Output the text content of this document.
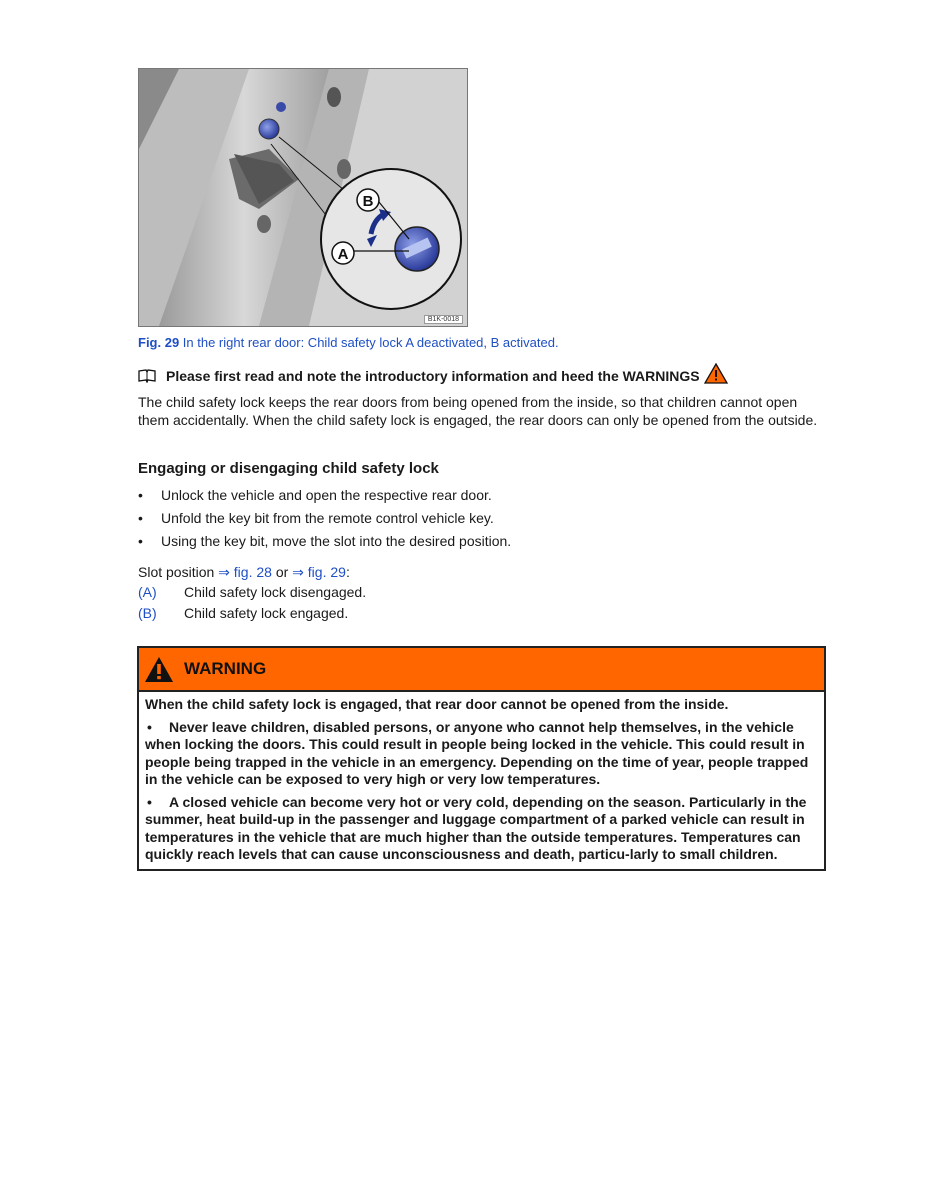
B
A
B1K-0018
Fig. 29 In the right rear door: Child safety lock A deactivated, B activated.
Please first read and note the introductory information and heed the WARNINGS
The child safety lock keeps the rear doors from being opened from the inside, so that children cannot open them accidentally. When the child safety lock is engaged, the rear doors can only be opened from the outside.
Engaging or disengaging child safety lock
•	Unlock the vehicle and open the respective rear door.
•	Unfold the key bit from the remote control vehicle key.
•	Using the key bit, move the slot into the desired position.
Slot position ⇒ fig. 28 or ⇒ fig. 29:
(A)	Child safety lock disengaged.
(B)	Child safety lock engaged.
WARNING

When the child safety lock is engaged, that rear door cannot be opened from the inside.

• Never leave children, disabled persons, or anyone who cannot help themselves, in the vehicle when locking the doors. This could result in people being locked in the vehicle. This could result in people being trapped in the vehicle in an emergency. Depending on the time of year, people trapped in the vehicle can be exposed to very high or very low temperatures.

• A closed vehicle can become very hot or very cold, depending on the season. Particularly in the summer, heat build-up in the passenger and luggage compartment of a parked vehicle can result in temperatures in the vehicle that are much higher than the outside temperatures. Temperatures can quickly reach levels that can cause unconsciousness and death, particu-larly to small children.
